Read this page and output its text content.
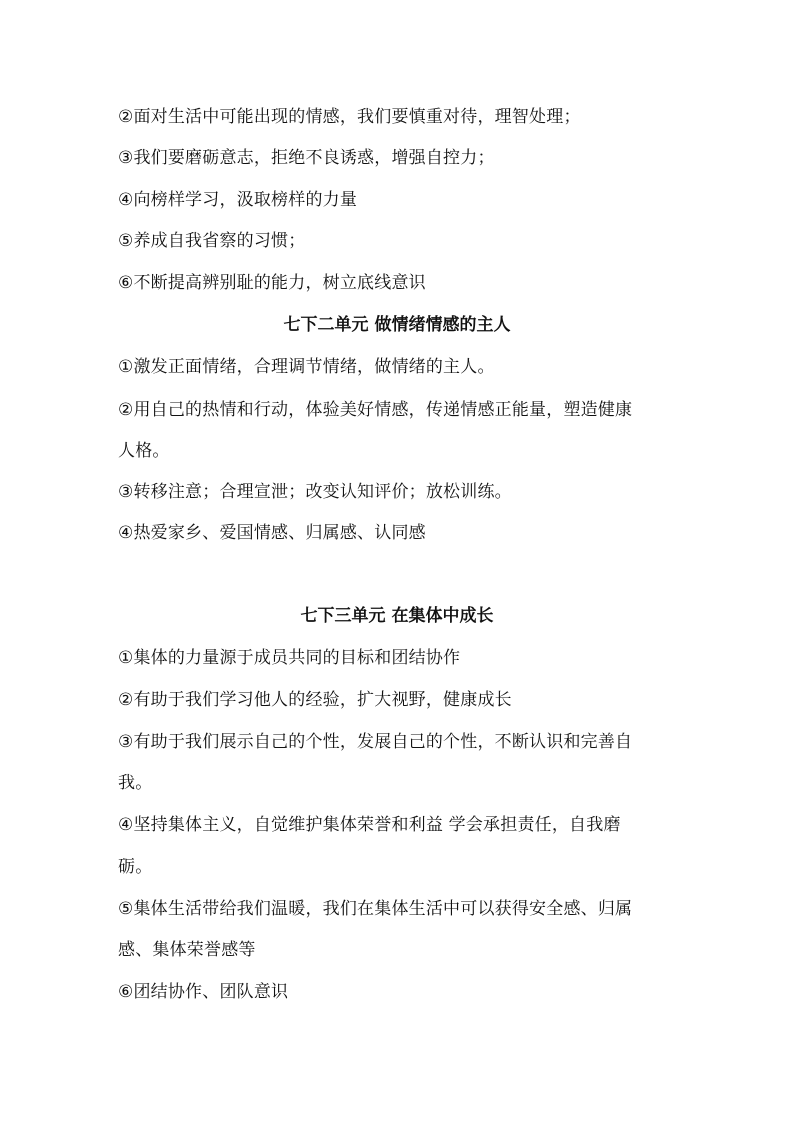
②面对生活中可能出现的情感，我们要慎重对待，理智处理；
③我们要磨砺意志，拒绝不良诱惑，增强自控力；
④向榜样学习，汲取榜样的力量
⑤养成自我省察的习惯；
⑥不断提高辨别耻的能力，树立底线意识
七下二单元 做情绪情感的主人
①激发正面情绪，合理调节情绪，做情绪的主人。
②用自己的热情和行动，体验美好情感，传递情感正能量，塑造健康
人格。
③转移注意；合理宣泄；改变认知评价；放松训练。
④热爱家乡、爱国情感、归属感、认同感
七下三单元 在集体中成长
①集体的力量源于成员共同的目标和团结协作
②有助于我们学习他人的经验，扩大视野，健康成长
③有助于我们展示自己的个性，发展自己的个性，不断认识和完善自
我。
④坚持集体主义，自觉维护集体荣誉和利益 学会承担责任，自我磨
砺。
⑤集体生活带给我们温暖，我们在集体生活中可以获得安全感、归属
感、集体荣誉感等
⑥团结协作、团队意识
